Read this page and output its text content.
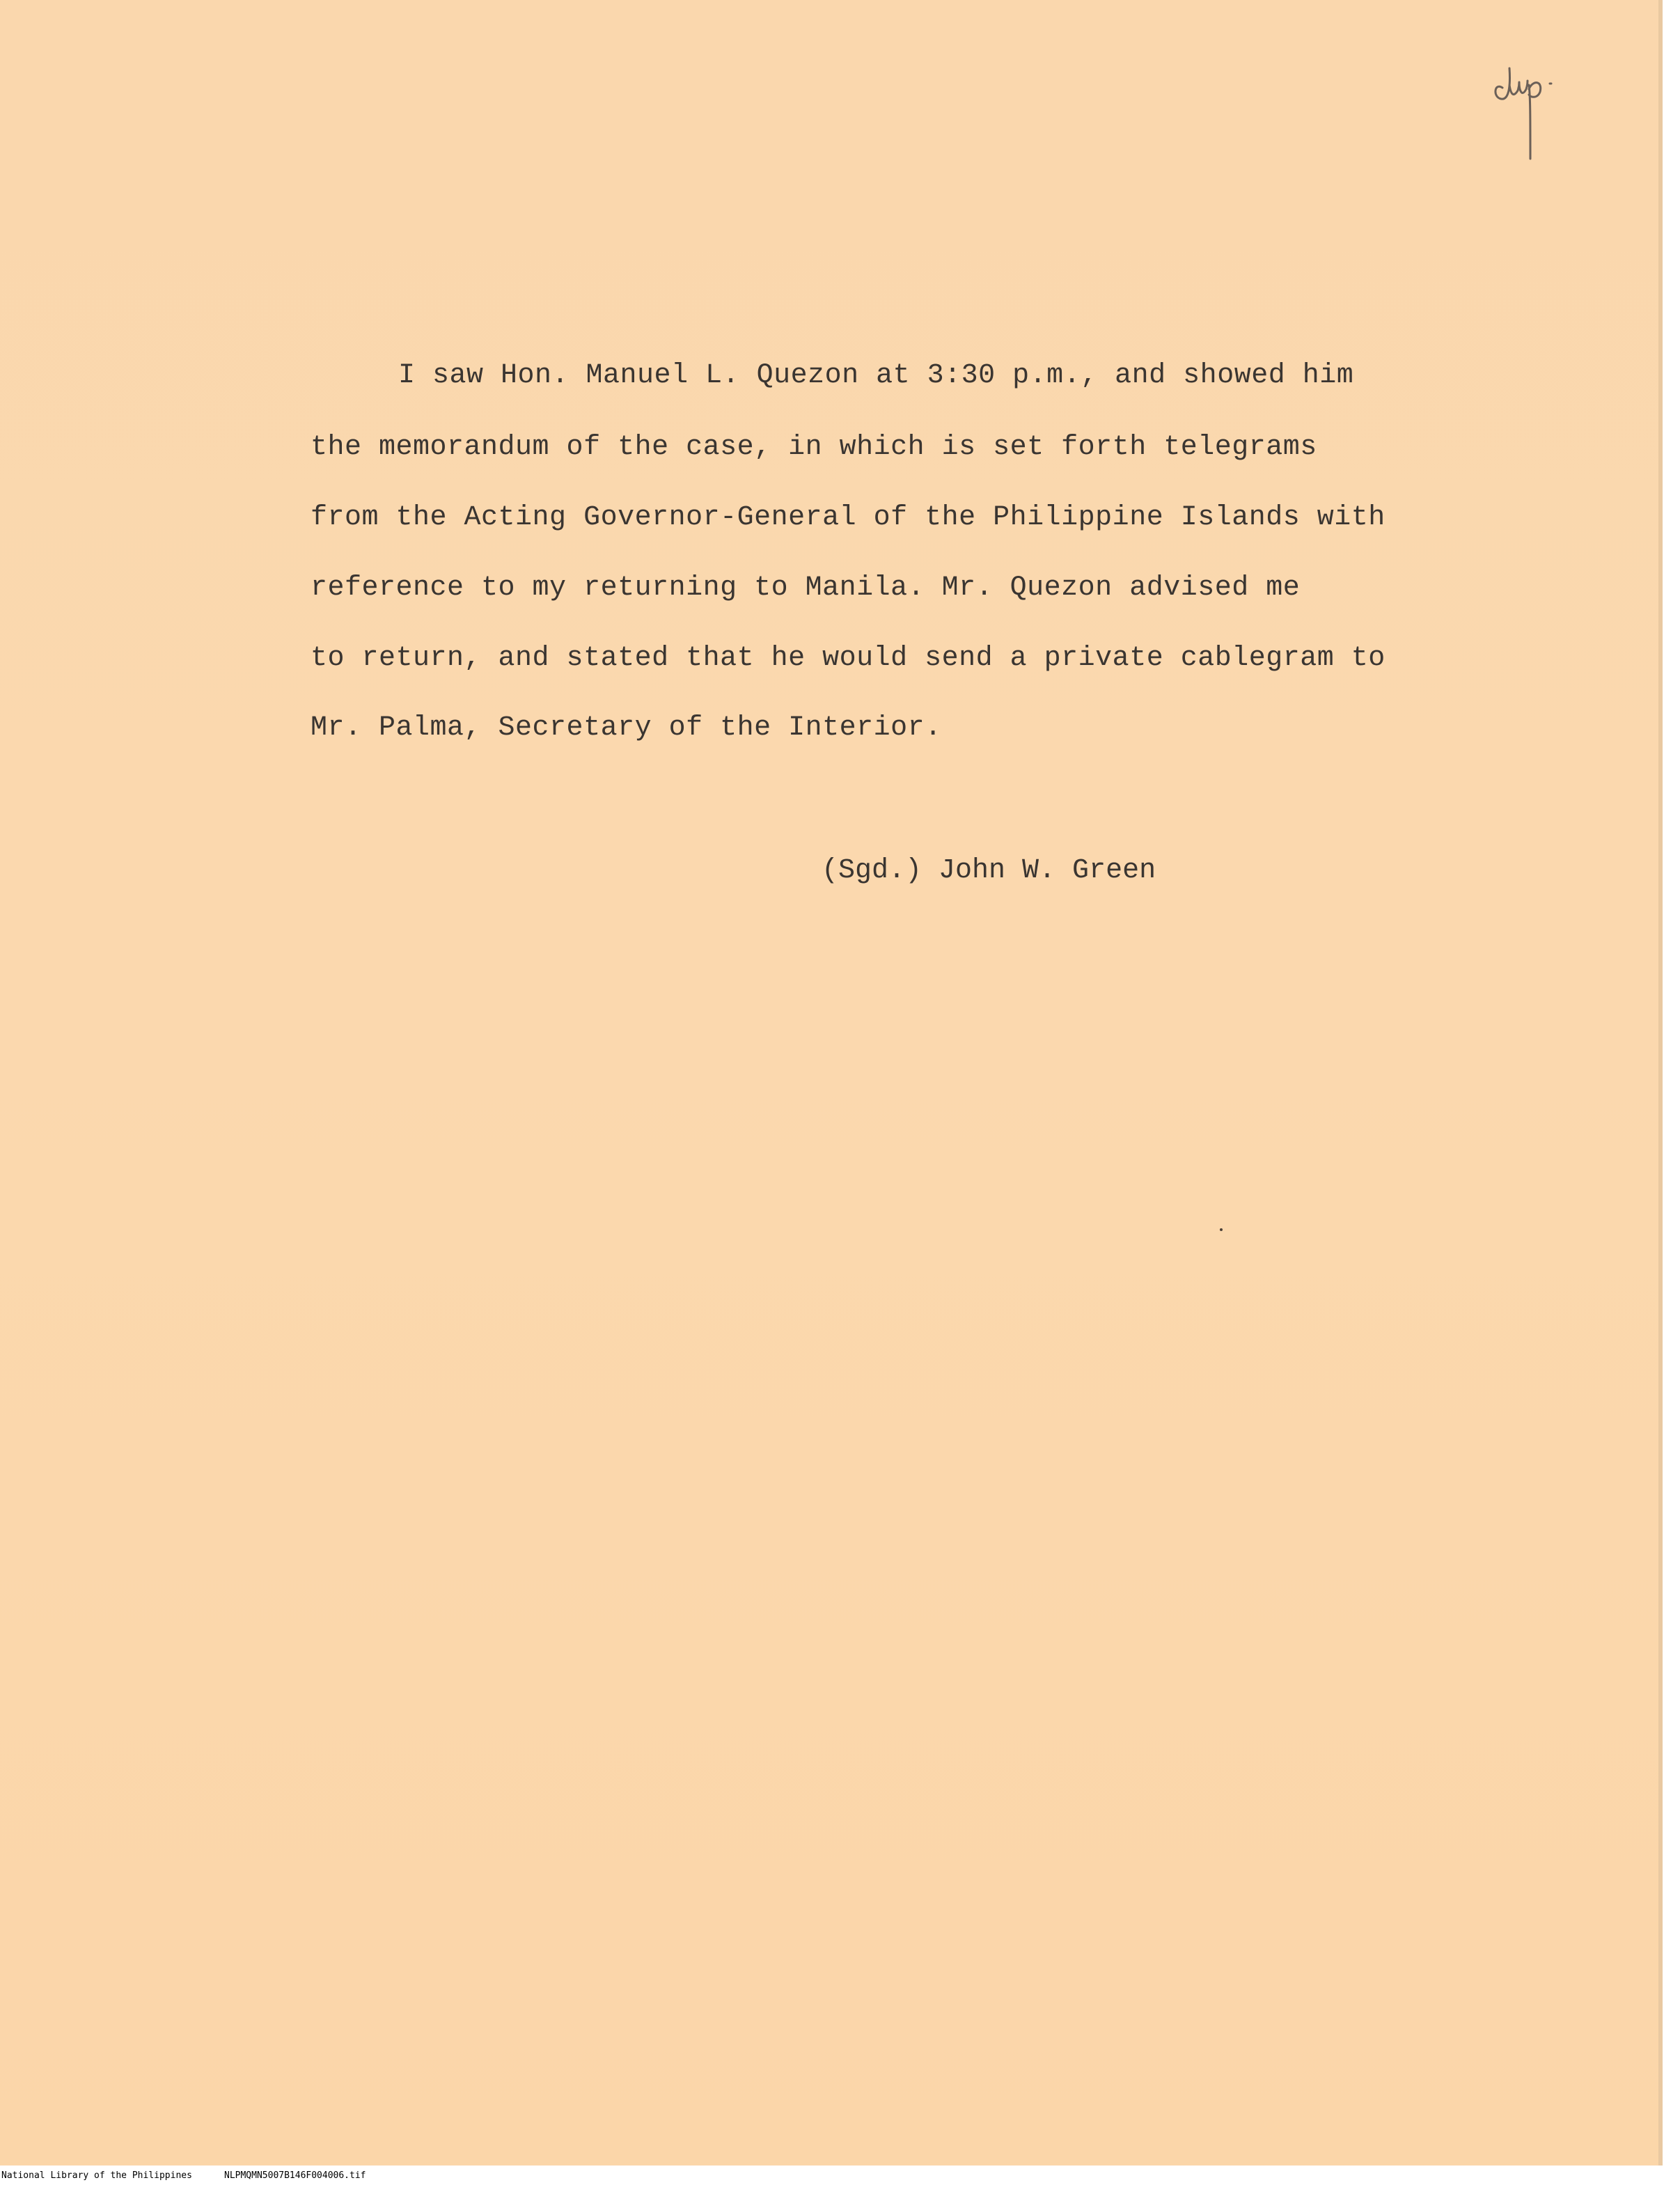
I saw Hon. Manuel L. Quezon at 3:30 p.m., and showed him
the memorandum of the case, in which is set forth telegrams
from the Acting Governor-General of the Philippine Islands with
reference to my returning to Manila. Mr. Quezon advised me
to return, and stated that he would send a private cablegram to
Mr. Palma, Secretary of the Interior.
(Sgd.) John W. Green
National Library of the Philippines	NLPMQMN5007B146F004006.tif
